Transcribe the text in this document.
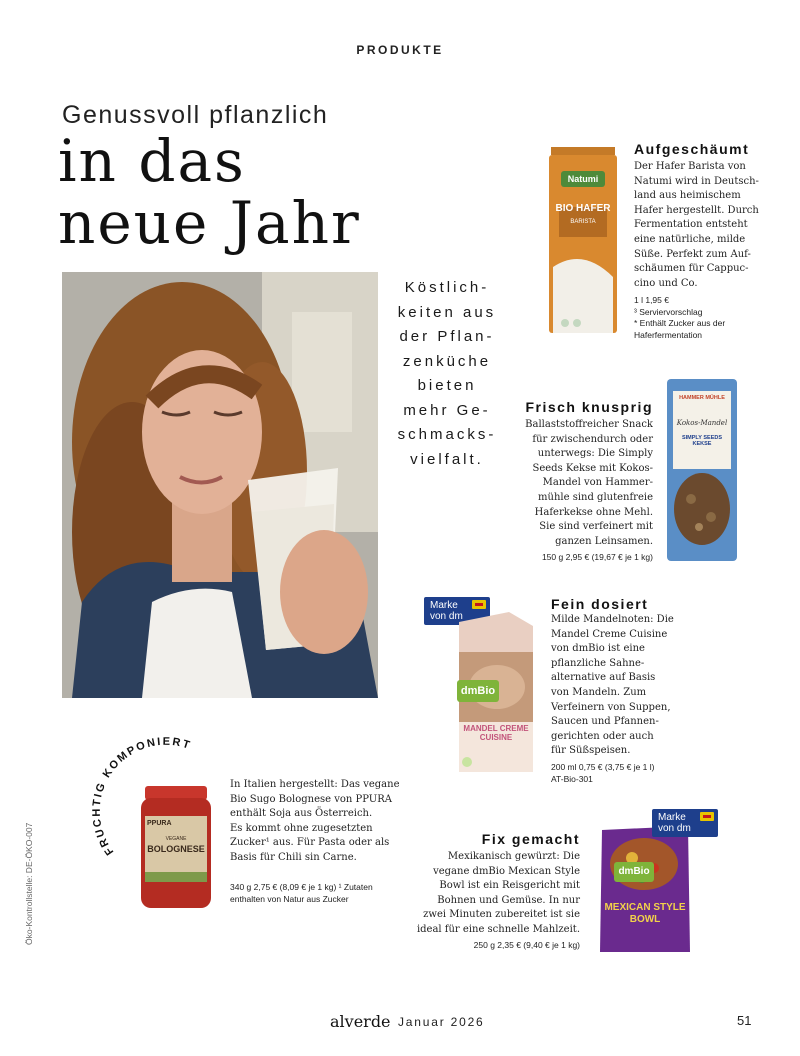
PRODUKTE
Genussvoll pflanzlich
in das
neue Jahr
Köstlich-
keiten aus
der Pflan-
zenküche
bieten
mehr Ge-
schmacks-
vielfalt.
Natumi
BIO HAFER
BARISTA
Aufgeschäumt
Der Hafer Barista von
Natumi wird in Deutsch-
land aus heimischem
Hafer hergestellt. Durch
Fermentation entsteht
eine natürliche, milde
Süße. Perfekt zum Auf-
schäumen für Cappuc-
cino und Co.
1 l 1,95 €
³ Serviervorschlag
* Enthält Zucker aus der
Haferfermentation
Frisch knusprig
Ballaststoffreicher Snack
für zwischendurch oder
unterwegs: Die Simply
Seeds Kekse mit Kokos-
Mandel von Hammer-
mühle sind glutenfreie
Haferkekse ohne Mehl.
Sie sind verfeinert mit
ganzen Leinsamen.
150 g 2,95 € (19,67 € je 1 kg)
HAMMER MÜHLE
Kokos-Mandel
SIMPLY SEEDS KEKSE
Marke
von dm
dmBio
MANDEL CREME CUISINE
Fein dosiert
Milde Mandelnoten: Die
Mandel Creme Cuisine
von dmBio ist eine
pflanzliche Sahne-
alternative auf Basis
von Mandeln. Zum
Verfeinern von Suppen,
Saucen und Pfannen-
gerichten oder auch
für Süßspeisen.
200 ml 0,75 € (3,75 € je 1 l)
AT-Bio-301
FRUCHTIG KOMPONIERT
PPURA
VEGANE
BOLOGNESE
In Italien hergestellt: Das vegane
Bio Sugo Bolognese von PPURA
enthält Soja aus Österreich.
Es kommt ohne zugesetzten
Zucker¹ aus. Für Pasta oder als
Basis für Chili sin Carne.
340 g 2,75 € (8,09 € je 1 kg) ¹ Zutaten
enthalten von Natur aus Zucker
Fix gemacht
Mexikanisch gewürzt: Die
vegane dmBio Mexican Style
Bowl ist ein Reisgericht mit
Bohnen und Gemüse. In nur
zwei Minuten zubereitet ist sie
ideal für eine schnelle Mahlzeit.
250 g 2,35 € (9,40 € je 1 kg)
dmBio
MEXICAN STYLE BOWL
Marke
von dm
Öko-Kontrollstelle: DE-ÖKO-007
alverde Januar 2026	51
